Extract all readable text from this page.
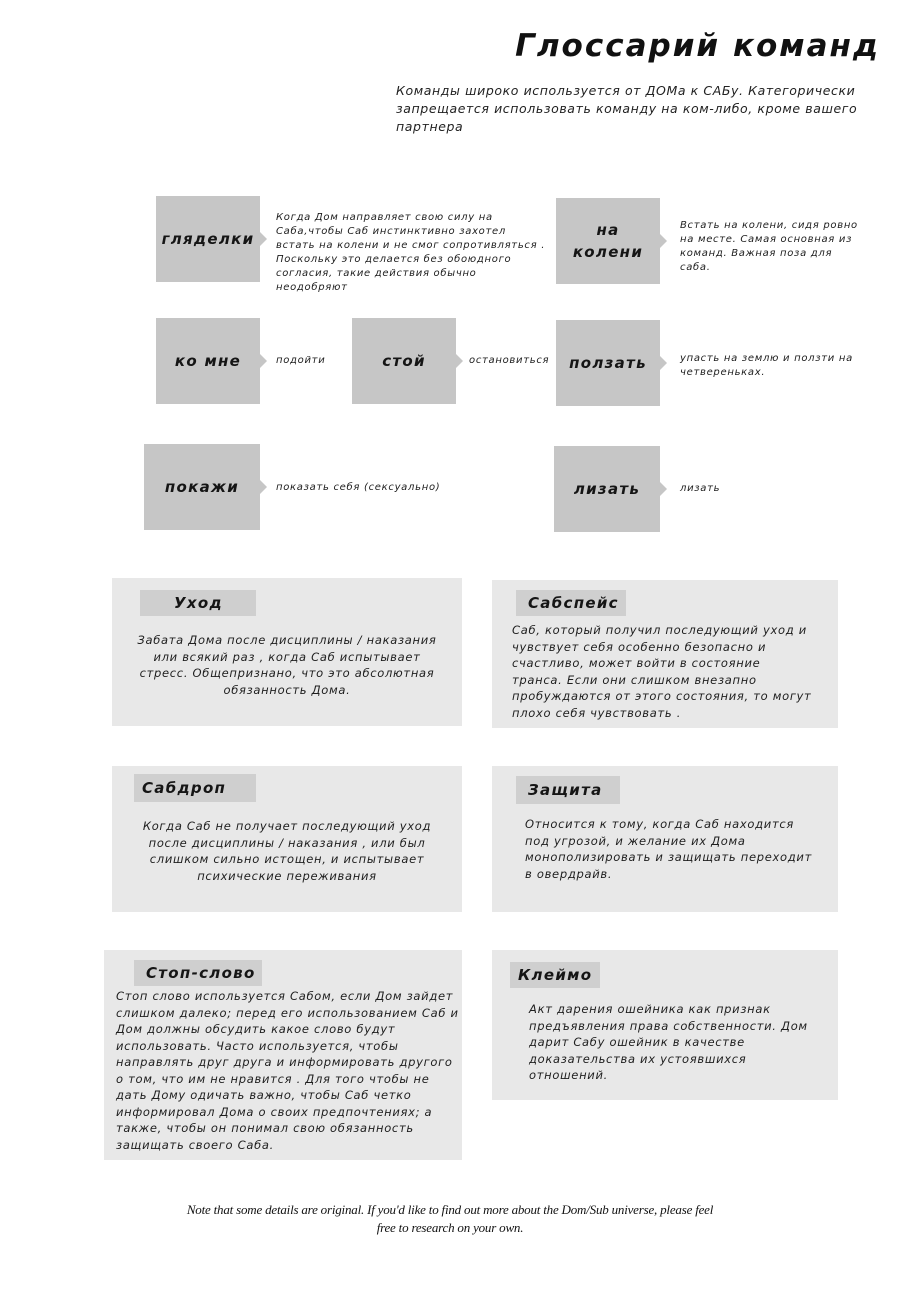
Глоссарий команд
Команды широко используется от ДОМа к САБу. Категорически запрещается использовать команду на ком-либо, кроме вашего партнера
гляделки
Когда Дом направляет свою силу на Саба,чтобы Саб инстинктивно захотел встать на колени и не смог сопротивляться . Поскольку это делается без обоюдного согласия, такие действия обычно неодобряют
на
колени
Встать на колени, сидя ровно на месте. Самая основная из команд. Важная поза для саба.
ко мне	подойти	стой	остановиться	ползать	упасть на землю и ползти на четвереньках.
покажи	показать себя (сексуально)	лизать	лизать
Уход
Забата Дома после дисциплины / наказания или всякий раз , когда Саб испытывает стресс. Общепризнано, что это абсолютная обязанность Дома.
Сабспейс
Саб, который получил последующий уход и чувствует себя особенно безопасно и счастливо, может войти в состояние транса. Если они слишком внезапно пробуждаются от этого состояния, то могут плохо себя чувствовать .
Сабдроп
Когда Саб не получает последующий уход после дисциплины / наказания , или был слишком сильно истощен, и испытывает психические переживания
Защита
Относится к тому, когда Саб находится под угрозой, и желание их Дома монополизировать и защищать переходит в овердрайв.
Стоп-слово
Стоп слово используется Сабом, если Дом зайдет слишком далеко; перед его использованием Саб и Дом должны обсудить какое слово будут использовать. Часто используется, чтобы направлять друг друга и информировать другого о том, что им не нравится . Для того чтобы не дать Дому одичать важно, чтобы Саб четко информировал Дома о своих предпочтениях; а также, чтобы он понимал свою обязанность защищать своего Саба.
Клеймо
Акт дарения ошейника как признак предъявления права собственности. Дом дарит Сабу ошейник в качестве доказательства их устоявшихся отношений.
Note that some details are original. If you'd like to find out more about the Dom/Sub universe, please feel free to research on your own.
